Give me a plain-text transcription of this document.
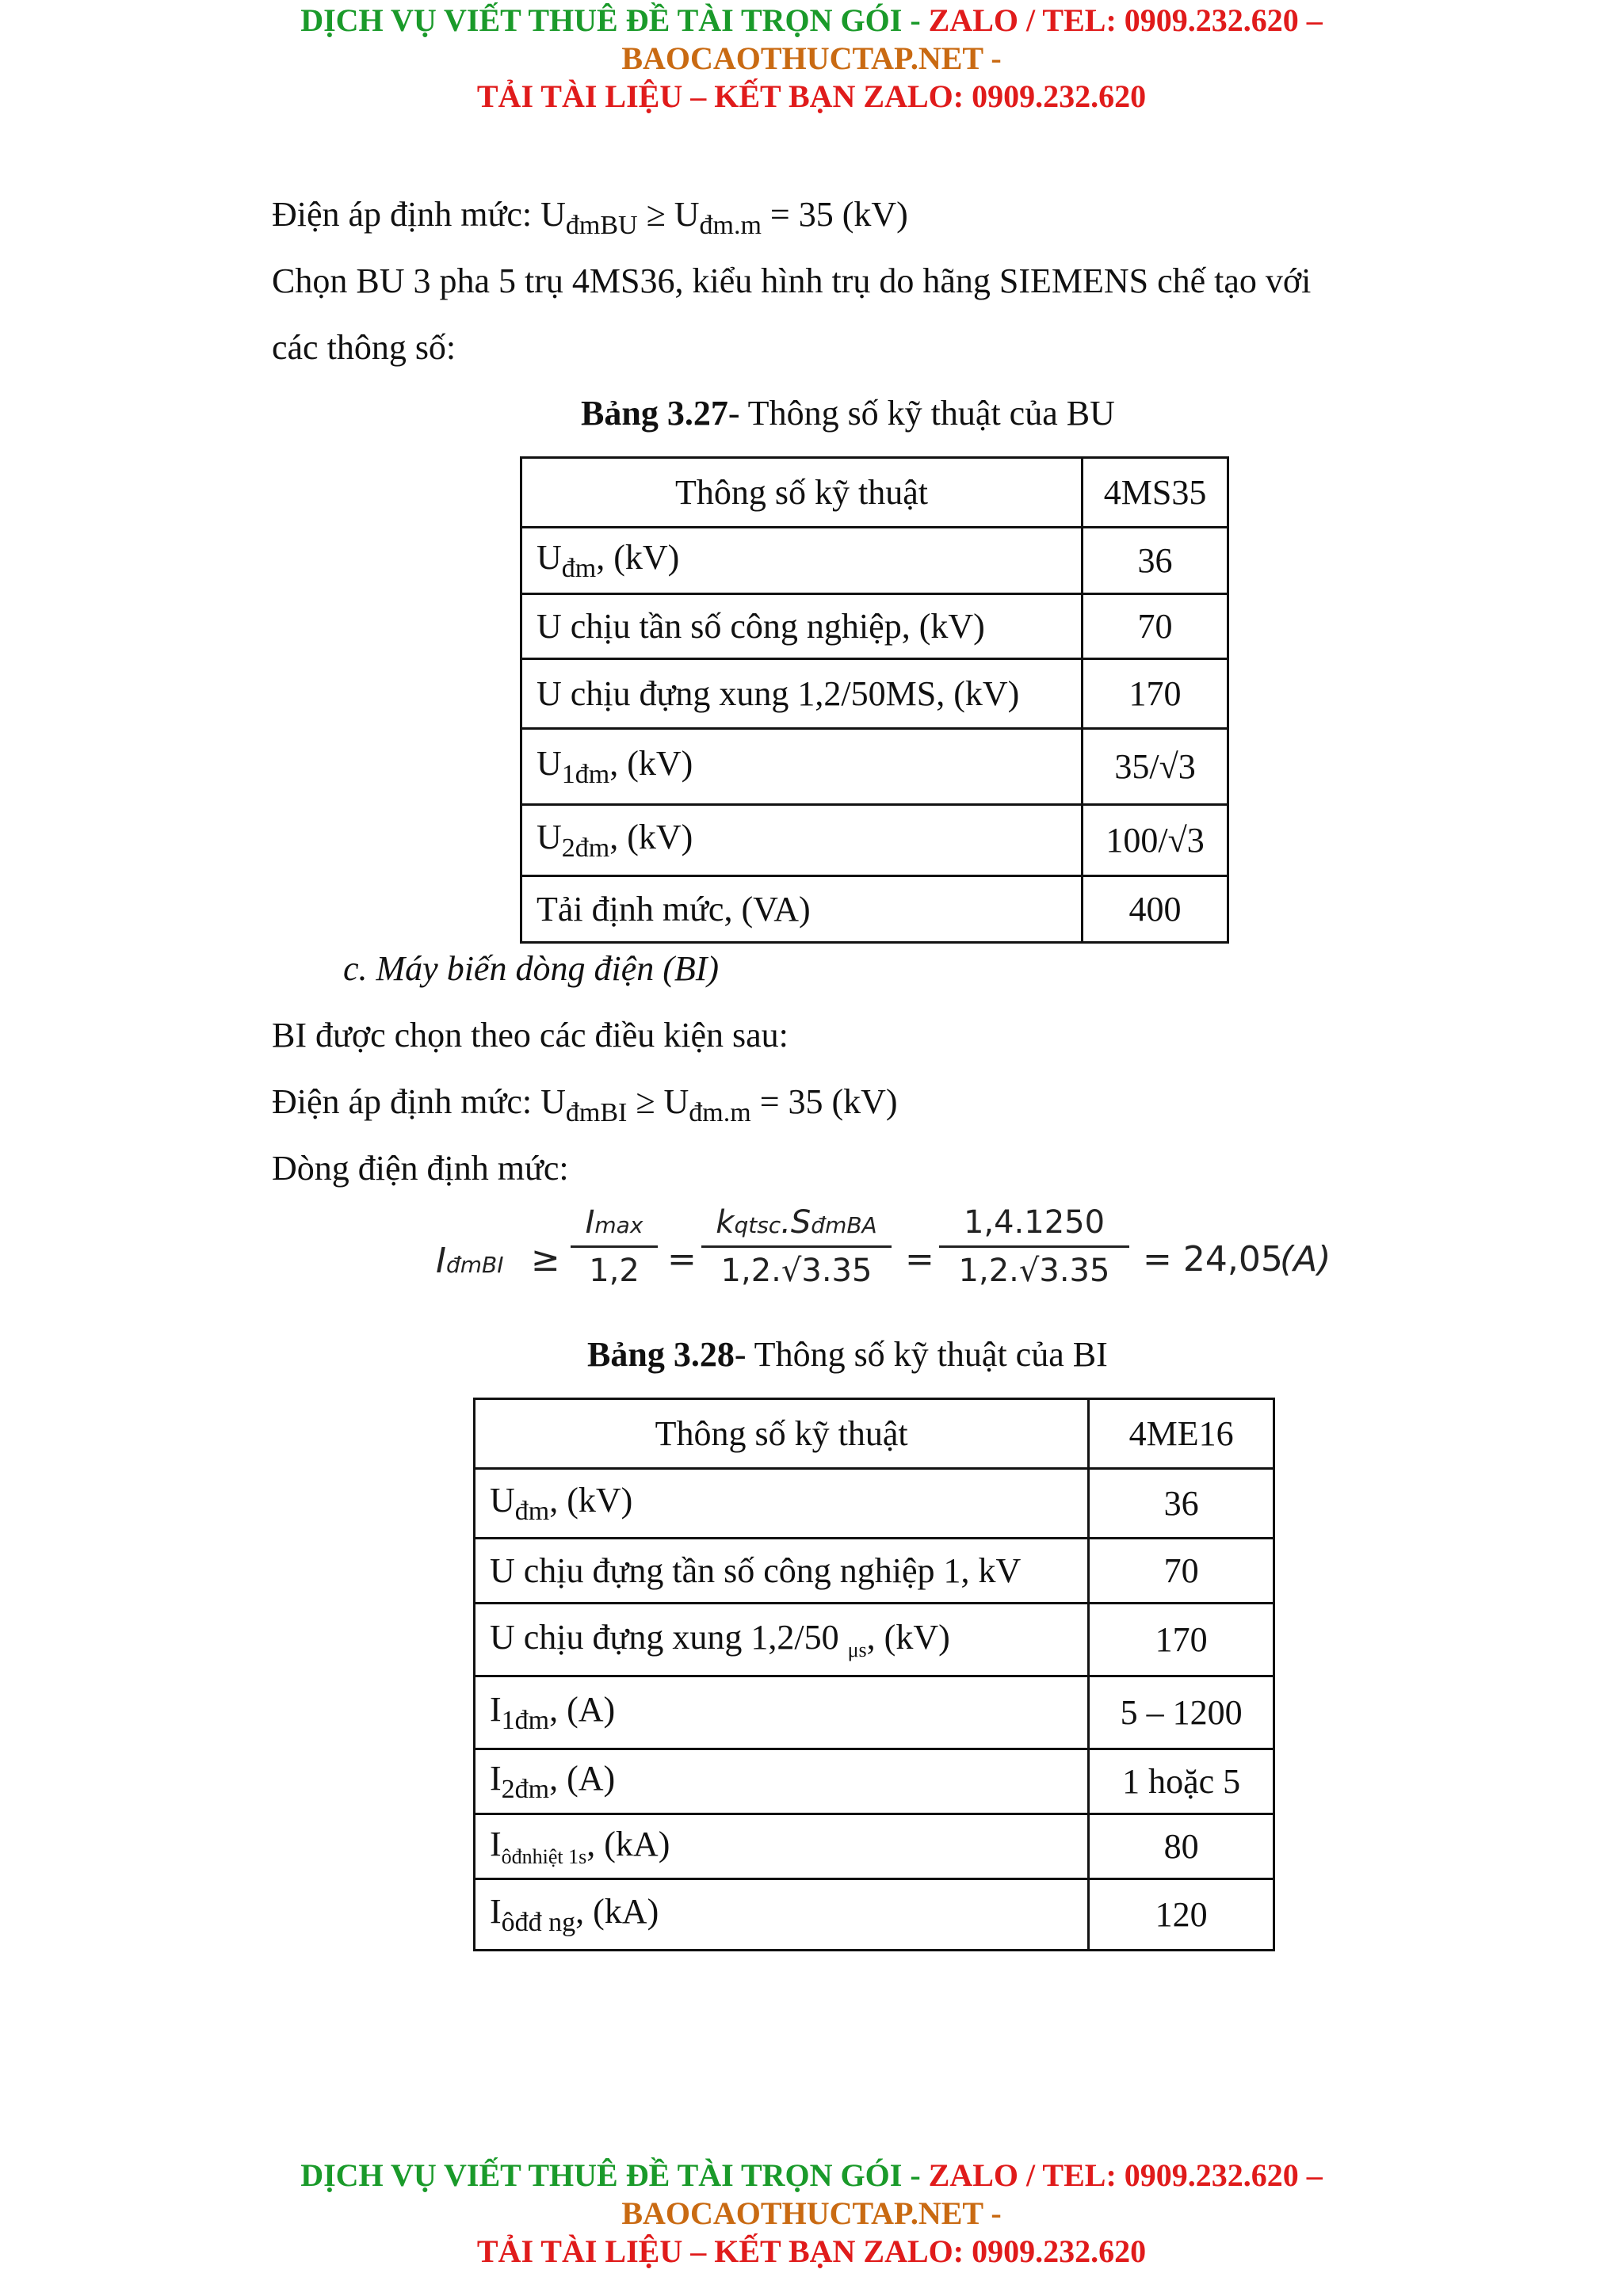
DỊCH VỤ VIẾT THUÊ ĐỀ TÀI TRỌN GÓI - ZALO / TEL: 0909.232.620 –
BAOCAOTHUCTAP.NET -
TẢI TÀI LIỆU – KẾT BẠN ZALO: 0909.232.620
Điện áp định mức: $U_{đmBU} \ge U_{đm.m} = 35$ (kV)
Chọn BU 3 pha 5 trụ 4MS36, kiểu hình trụ do hãng SIEMENS chế tạo với
các thông số:
Bảng 3.27- Thông số kỹ thuật của BU
Thông số kỹ thuật	4MS35
$U_{đm}$, (kV)	36
U chịu tần số công nghiệp, (kV)	70
U chịu đựng xung 1,2/50MS, (kV)	170
$U_{1đm}$, (kV)	35/√3
$U_{2đm}$, (kV)	100/√3
Tải định mức, (VA)	400
c. Máy biến dòng điện (BI)
BI được chọn theo các điều kiện sau:
Điện áp định mức: $U_{đmBI} \ge U_{đm.m} = 35$ (kV)
Dòng điện định mức:
IđmBI ≥
Imax
1,2 =
kqtsc.SđmBA
$1,2.√3.35 = \frac{1,4.1250}{1,2.√3.35} = 24,05$
(A)
Bảng 3.28- Thông số kỹ thuật của BI
Thông số kỹ thuật	4ME16
$U_{đm}$, (kV)	36
U chịu đựng tần số công nghiệp 1, kV	70
U chịu đựng xung 1,2/50 $_{\mu s}$, (kV)	170
$I_{1đm}$, (A)	5 – 1200
$I_{2đm}$, (A)	1 hoặc 5
$I_{ôđnhiệt 1s}$, (kA)	80
$I_{ôđđ ng}$, (kA)	120
DỊCH VỤ VIẾT THUÊ ĐỀ TÀI TRỌN GÓI - ZALO / TEL: 0909.232.620 –
BAOCAOTHUCTAP.NET -
TẢI TÀI LIỆU – KẾT BẠN ZALO: 0909.232.620
